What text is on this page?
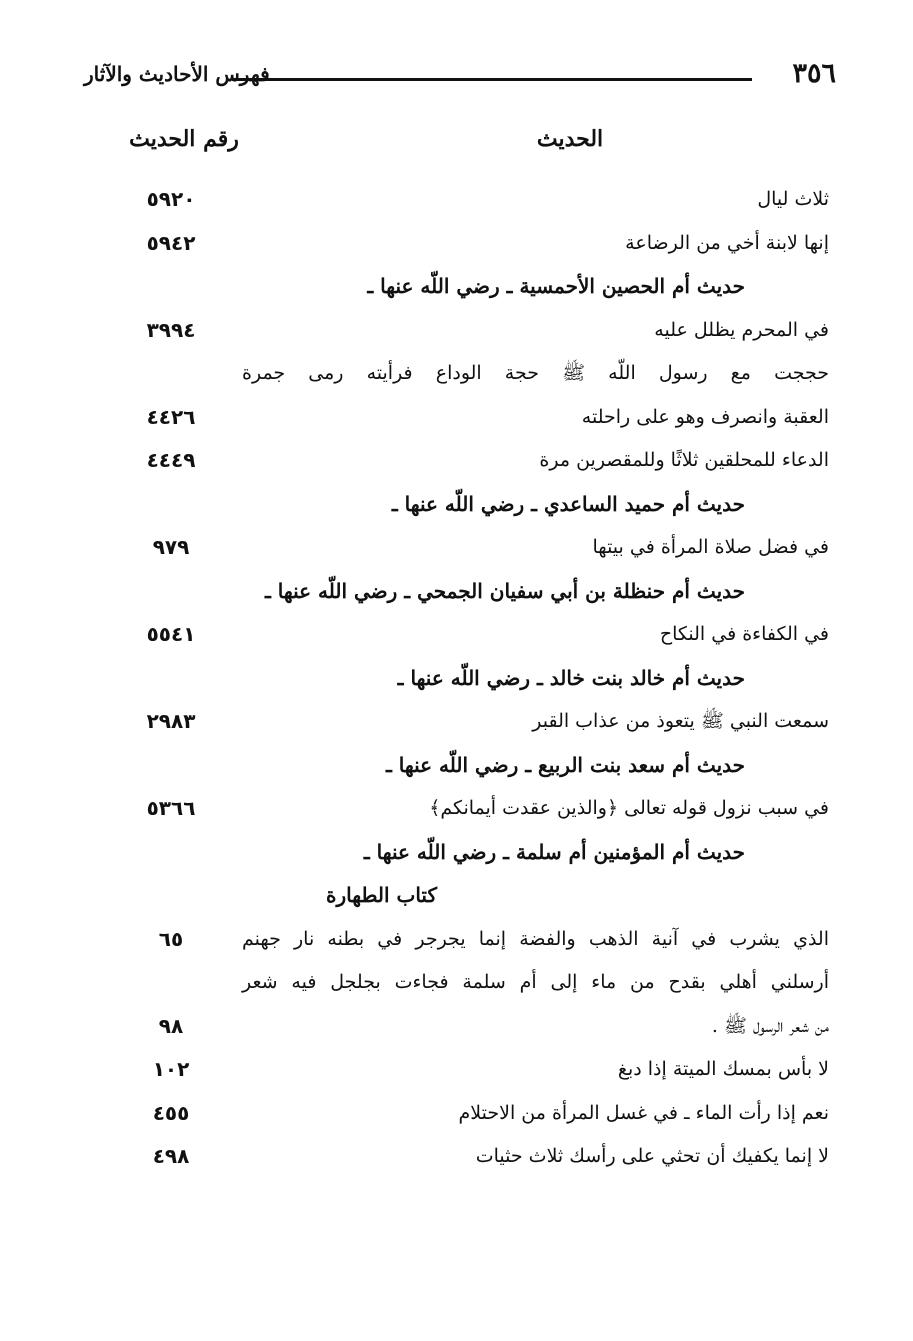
٣٥٦
فهرس الأحاديث والآثار
الحديث
رقم الحديث
ثلاث ليال
٥٩٢٠
إنها لابنة أخي من الرضاعة
٥٩٤٢
حديث أم الحصين الأحمسية ـ رضي اللّه عنها ـ
في المحرم يظلل عليه
٣٩٩٤
حججت مع رسول اللّه ﷺ حجة الوداع فرأيته رمى جمرة
العقبة وانصرف وهو على راحلته
٤٤٢٦
الدعاء للمحلقين ثلاثًا وللمقصرين مرة
٤٤٤٩
حديث أم حميد الساعدي ـ رضي اللّه عنها ـ
في فضل صلاة المرأة في بيتها
٩٧٩
حديث أم حنظلة بن أبي سفيان الجمحي ـ رضي اللّه عنها ـ
في الكفاءة في النكاح
٥٥٤١
حديث أم خالد بنت خالد ـ رضي اللّه عنها ـ
سمعت النبي ﷺ يتعوذ من عذاب القبر
٢٩٨٣
حديث أم سعد بنت الربيع ـ رضي اللّه عنها ـ
في سبب نزول قوله تعالى ﴿والذين عقدت أيمانكم﴾
٥٣٦٦
حديث أم المؤمنين أم سلمة ـ رضي اللّه عنها ـ
كتاب الطهارة
الذي يشرب في آنية الذهب والفضة إنما يجرجر في بطنه نار جهنم
٦٥
أرسلني أهلي بقدح من ماء إلى أم سلمة فجاءت بجلجل فيه شعر
من شعر الرسول ﷺ .
٩٨
لا بأس بمسك الميتة إذا دبغ
١٠٢
نعم إذا رأت الماء ـ في غسل المرأة من الاحتلام
٤٥٥
لا إنما يكفيك أن تحثي على رأسك ثلاث حثيات
٤٩٨
